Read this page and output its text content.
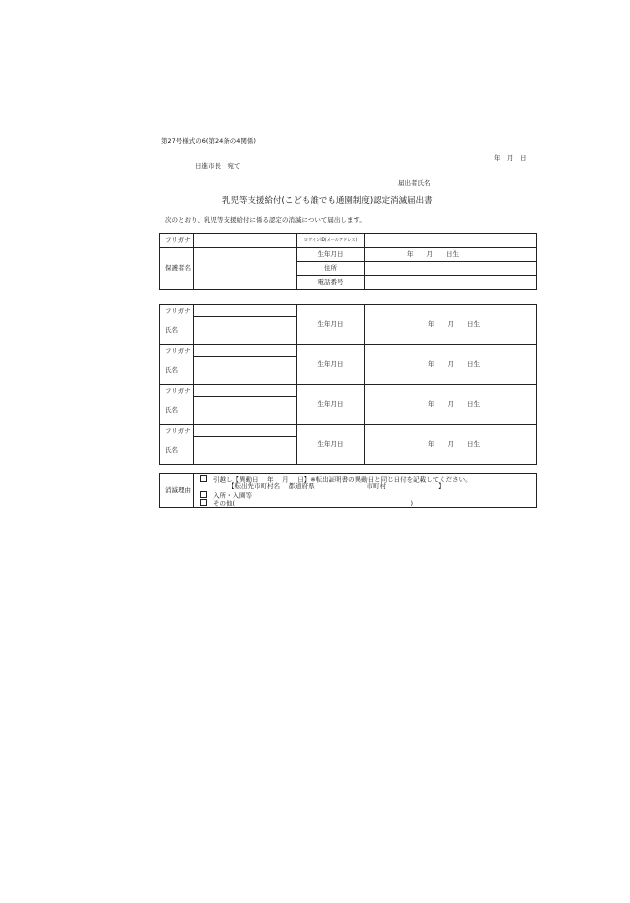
第27号様式の6(第24条の4関係)
年　月　日
日進市長　宛て
届出者氏名
乳児等支援給付(こども誰でも通園制度)認定消滅届出書
次のとおり、乳児等支援給付に係る認定の消滅について届出します。
フリガナ		ログインID(メールアドレス)	
保護者名		生年月日	年　　月　　日生
		住所	
		電話番号	
フリガナ		生年月日	年　　月　　日生
氏名			
フリガナ		生年月日	年　　月　　日生
氏名			
フリガナ		生年月日	年　　月　　日生
氏名			
フリガナ		生年月日	年　　月　　日生
氏名			
消滅理由	
引越し【異動日　 年　 月　 日】※転出証明書の異動日と同じ日付を記載してください。
【転出先市町村名　 都道府県　　　　　　　　市町村　　　　　　　　】
入所・入園等
その他(　　　　　　　　　　　　　　　　　　　　　　　　　　　)
